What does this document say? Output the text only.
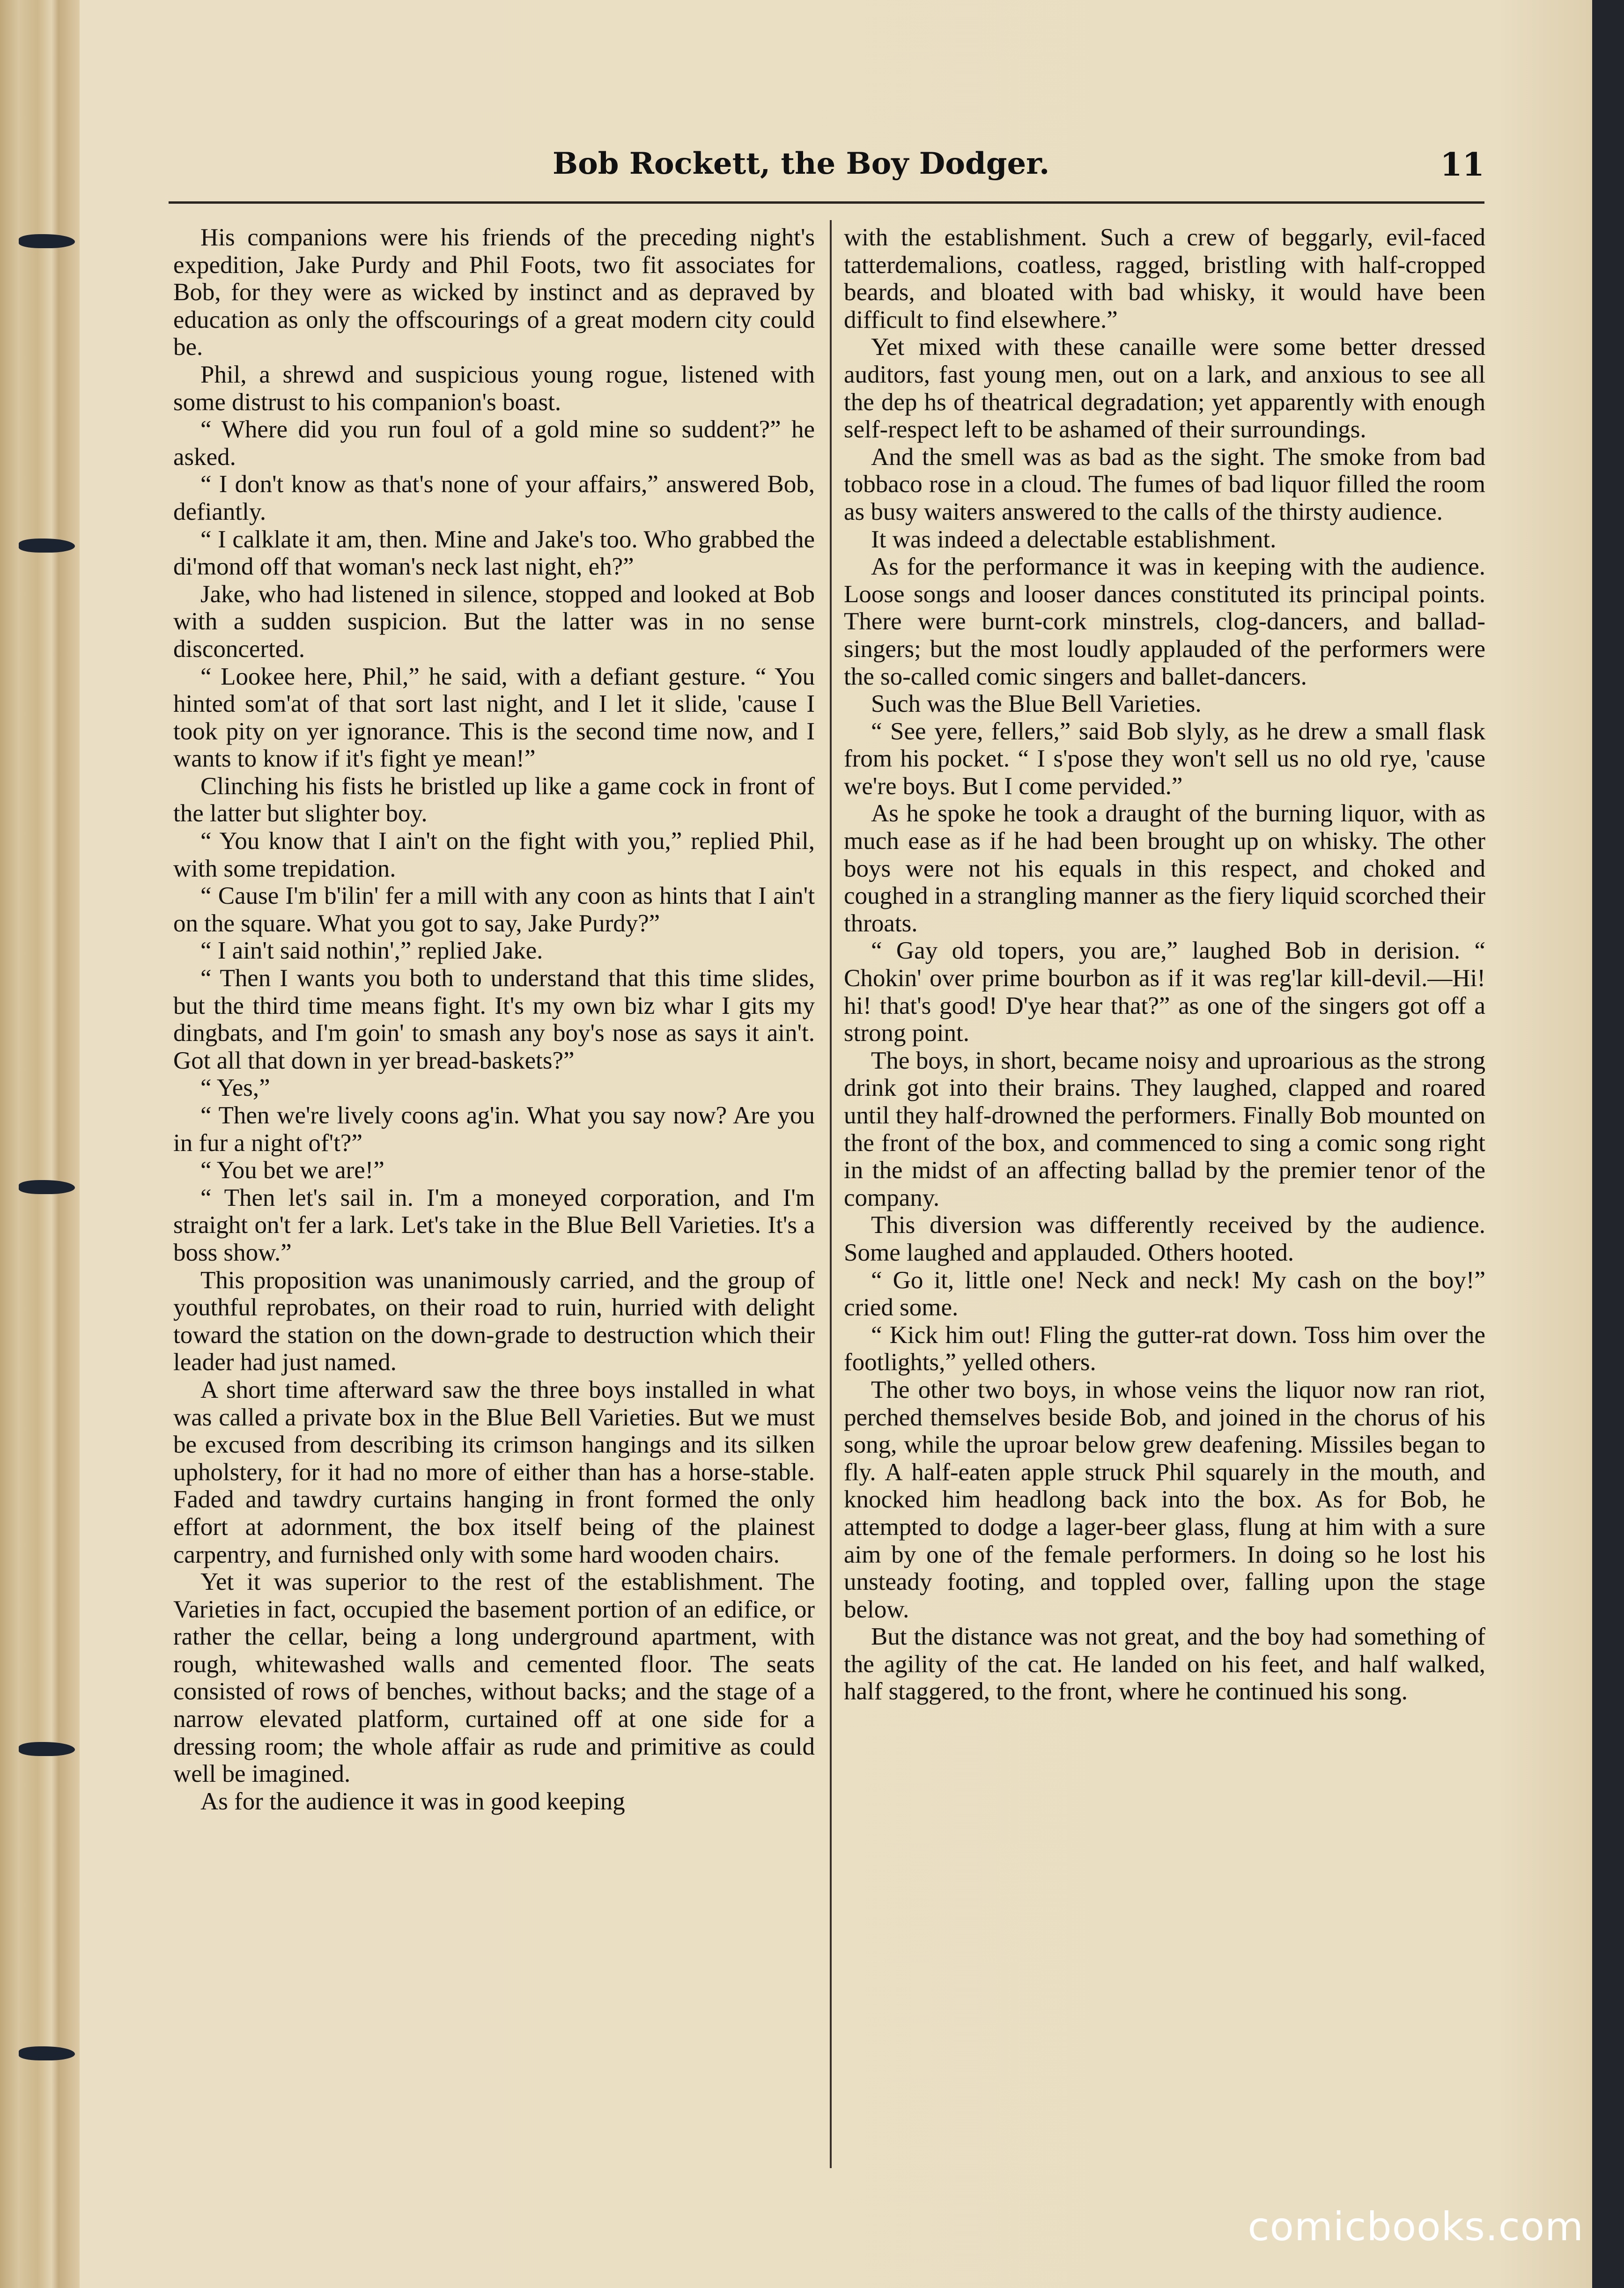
Bob Rockett, the Boy Dodger.	11

His companions were his friends of the preceding night's expedition, Jake Purdy and Phil Foots, two fit associates for Bob, for they were as wicked by instinct and as depraved by education as only the offscourings of a great modern city could be.

Phil, a shrewd and suspicious young rogue, listened with some distrust to his companion's boast.

“ Where did you run foul of a gold mine so suddent?” he asked.

“ I don't know as that's none of your affairs,” answered Bob, defiantly.

“ I calklate it am, then. Mine and Jake's too. Who grabbed the di'mond off that woman's neck last night, eh?”

Jake, who had listened in silence, stopped and looked at Bob with a sudden suspicion. But the latter was in no sense disconcerted.

“ Lookee here, Phil,” he said, with a defiant gesture. “ You hinted som'at of that sort last night, and I let it slide, 'cause I took pity on yer ignorance. This is the second time now, and I wants to know if it's fight ye mean!”

Clinching his fists he bristled up like a game cock in front of the latter but slighter boy.

“ You know that I ain't on the fight with you,” replied Phil, with some trepidation.

“ Cause I'm b'ilin' fer a mill with any coon as hints that I ain't on the square. What you got to say, Jake Purdy?”

“ I ain't said nothin',” replied Jake.

“ Then I wants you both to understand that this time slides, but the third time means fight. It's my own biz whar I gits my dingbats, and I'm goin' to smash any boy's nose as says it ain't. Got all that down in yer bread-baskets?”

“ Yes,”

“ Then we're lively coons ag'in. What you say now? Are you in fur a night of't?”

“ You bet we are!”

“ Then let's sail in. I'm a moneyed corporation, and I'm straight on't fer a lark. Let's take in the Blue Bell Varieties. It's a boss show.”

This proposition was unanimously carried, and the group of youthful reprobates, on their road to ruin, hurried with delight toward the station on the down-grade to destruction which their leader had just named.

A short time afterward saw the three boys installed in what was called a private box in the Blue Bell Varieties. But we must be excused from describing its crimson hangings and its silken upholstery, for it had no more of either than has a horse-stable. Faded and tawdry curtains hanging in front formed the only effort at adornment, the box itself being of the plainest carpentry, and furnished only with some hard wooden chairs.

Yet it was superior to the rest of the establishment. The Varieties in fact, occupied the basement portion of an edifice, or rather the cellar, being a long underground apartment, with rough, whitewashed walls and cemented floor. The seats consisted of rows of benches, without backs; and the stage of a narrow elevated platform, curtained off at one side for a dressing room; the whole affair as rude and primitive as could well be imagined.

As for the audience it was in good keeping

with the establishment. Such a crew of beggarly, evil-faced tatterdemalions, coatless, ragged, bristling with half-cropped beards, and bloated with bad whisky, it would have been difficult to find elsewhere.”

Yet mixed with these canaille were some better dressed auditors, fast young men, out on a lark, and anxious to see all the dep hs of theatrical degradation; yet apparently with enough self-respect left to be ashamed of their surroundings.

And the smell was as bad as the sight. The smoke from bad tobbaco rose in a cloud. The fumes of bad liquor filled the room as busy waiters answered to the calls of the thirsty audience.

It was indeed a delectable establishment.

As for the performance it was in keeping with the audience. Loose songs and looser dances constituted its principal points. There were burnt-cork minstrels, clog-dancers, and ballad-singers; but the most loudly applauded of the performers were the so-called comic singers and ballet-dancers.

Such was the Blue Bell Varieties.

“ See yere, fellers,” said Bob slyly, as he drew a small flask from his pocket. “ I s'pose they won't sell us no old rye, 'cause we're boys. But I come pervided.”

As he spoke he took a draught of the burning liquor, with as much ease as if he had been brought up on whisky. The other boys were not his equals in this respect, and choked and coughed in a strangling manner as the fiery liquid scorched their throats.

“ Gay old topers, you are,” laughed Bob in derision. “ Chokin' over prime bourbon as if it was reg'lar kill-devil.—Hi! hi! that's good! D'ye hear that?” as one of the singers got off a strong point.

The boys, in short, became noisy and uproarious as the strong drink got into their brains. They laughed, clapped and roared until they half-drowned the performers. Finally Bob mounted on the front of the box, and commenced to sing a comic song right in the midst of an affecting ballad by the premier tenor of the company.

This diversion was differently received by the audience. Some laughed and applauded. Others hooted.

“ Go it, little one! Neck and neck! My cash on the boy!” cried some.

“ Kick him out! Fling the gutter-rat down. Toss him over the footlights,” yelled others.

The other two boys, in whose veins the liquor now ran riot, perched themselves beside Bob, and joined in the chorus of his song, while the uproar below grew deafening. Missiles began to fly. A half-eaten apple struck Phil squarely in the mouth, and knocked him headlong back into the box. As for Bob, he attempted to dodge a lager-beer glass, flung at him with a sure aim by one of the female performers. In doing so he lost his unsteady footing, and toppled over, falling upon the stage below.

But the distance was not great, and the boy had something of the agility of the cat. He landed on his feet, and half walked, half staggered, to the front, where he continued his song.

comicbooks.com
